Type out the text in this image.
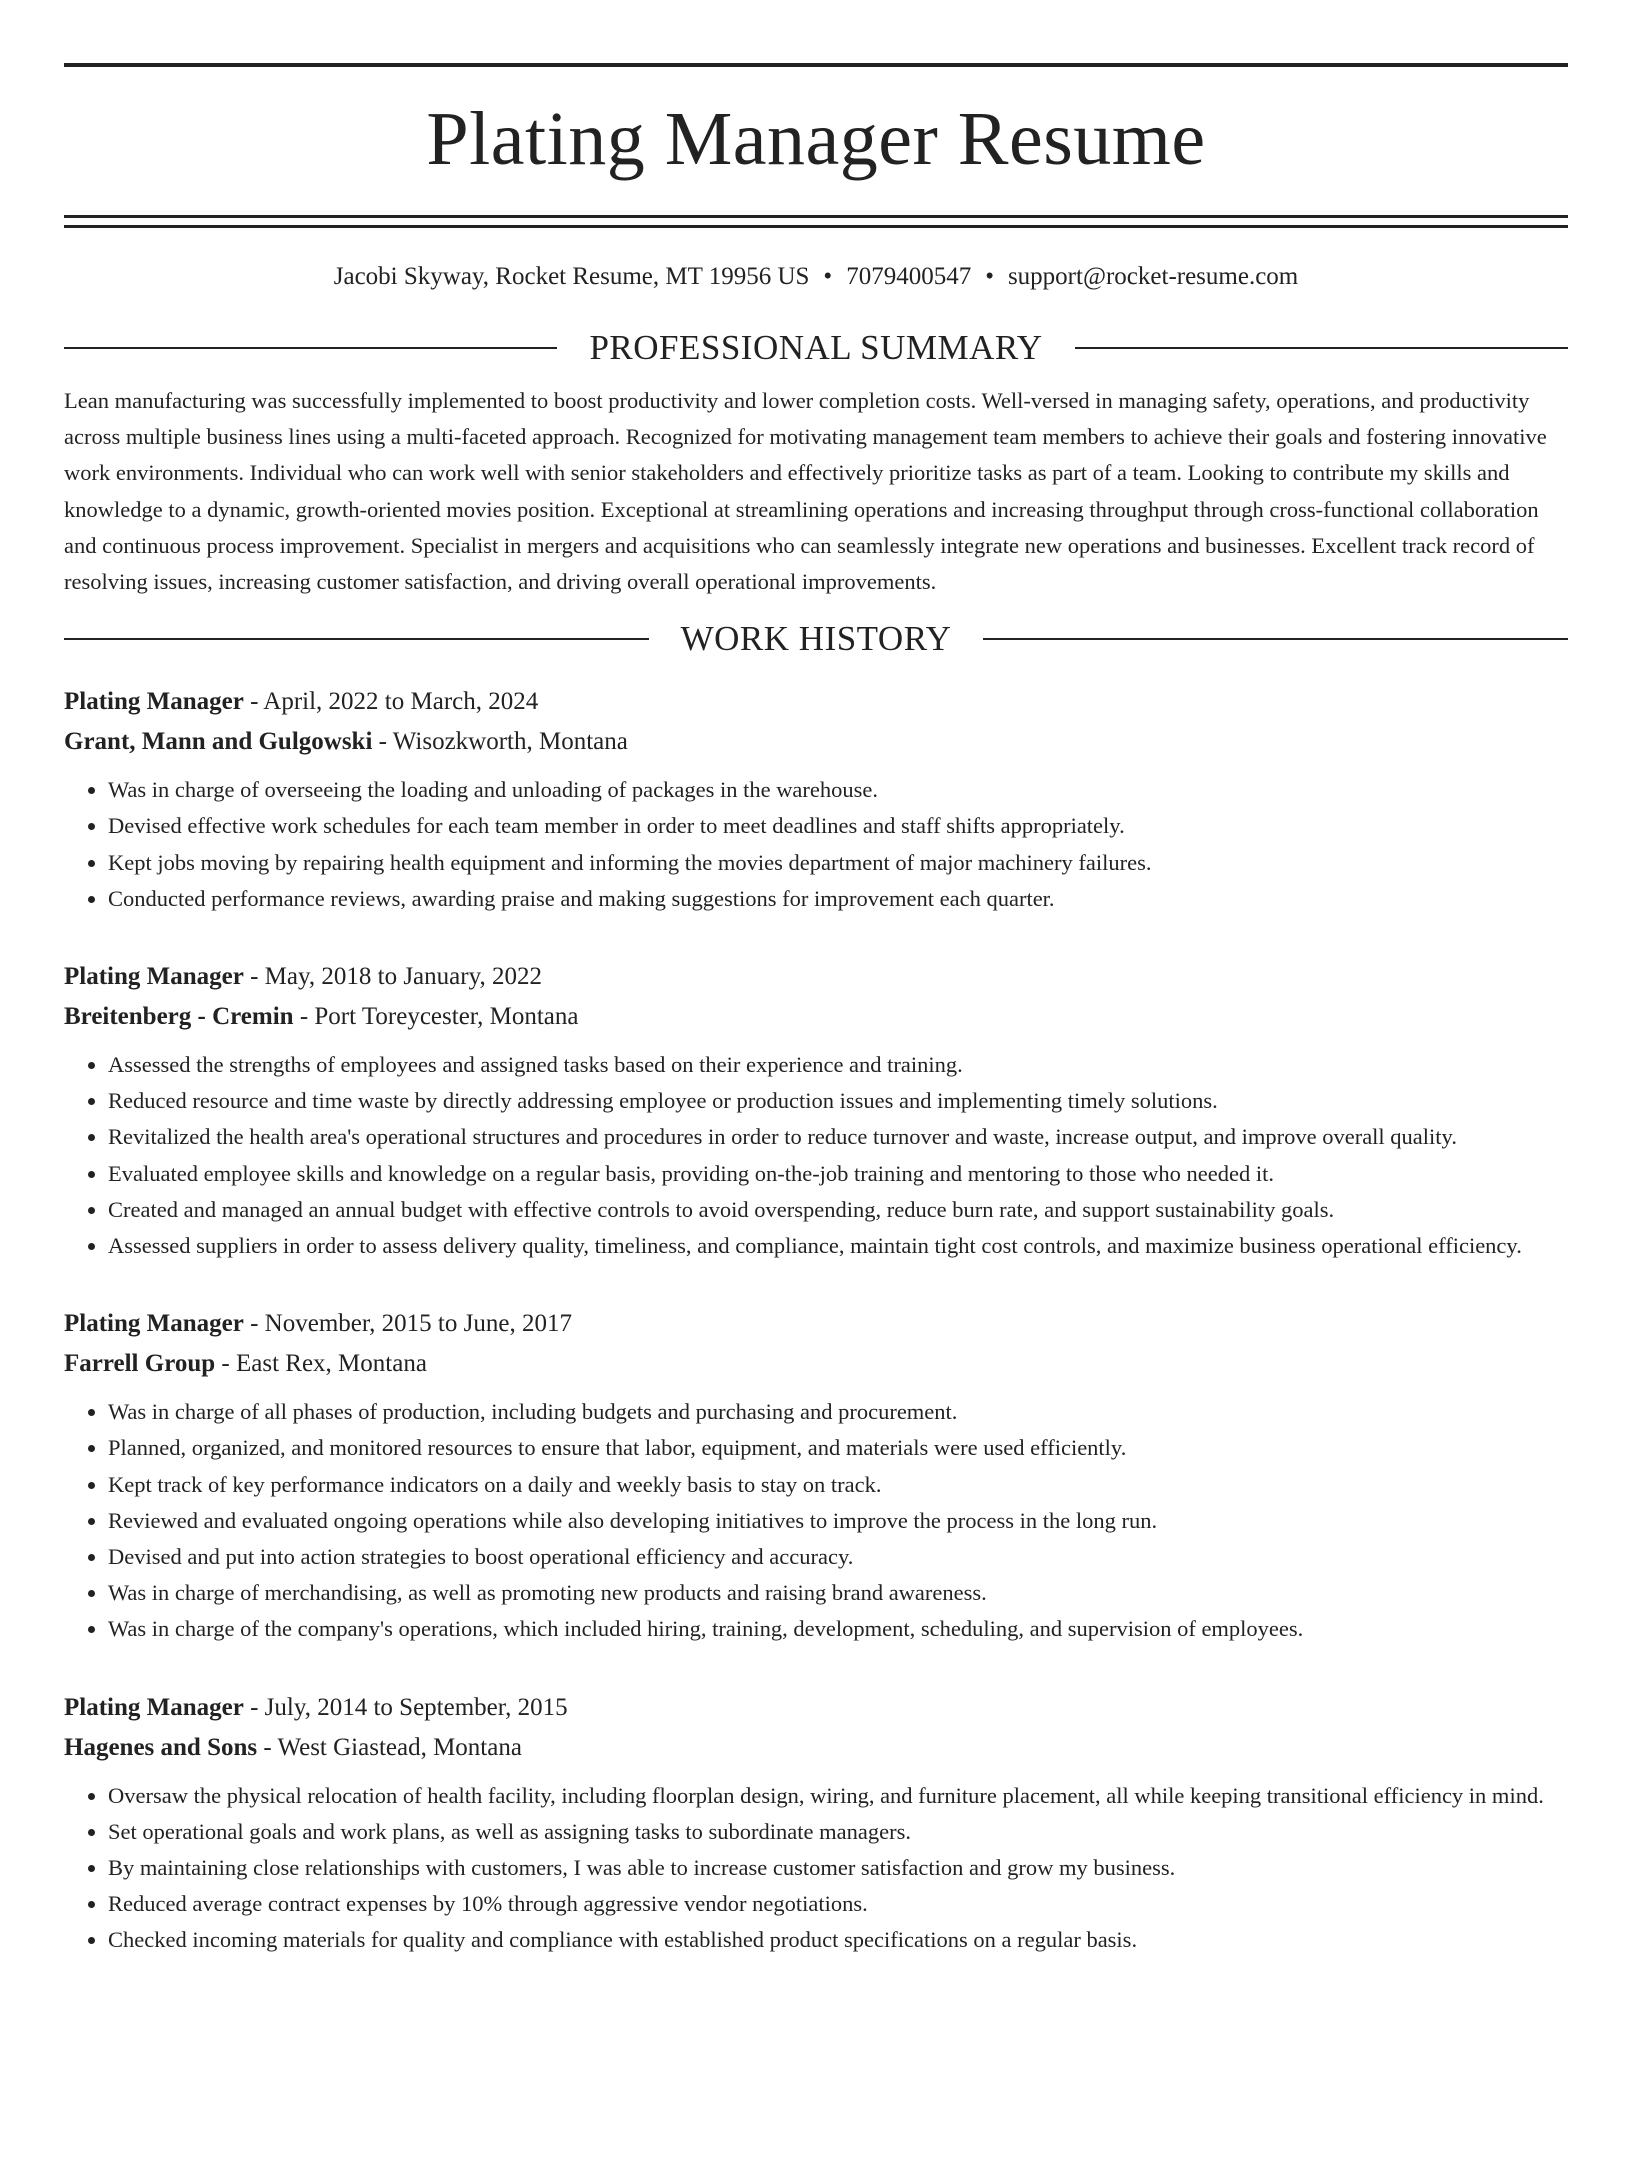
Plating Manager Resume
Jacobi Skyway, Rocket Resume, MT 19956 US • 7079400547 • support@rocket-resume.com
PROFESSIONAL SUMMARY

Lean manufacturing was successfully implemented to boost productivity and lower completion costs. Well-versed in managing safety, operations, and productivity across multiple business lines using a multi-faceted approach. Recognized for motivating management team members to achieve their goals and fostering innovative work environments. Individual who can work well with senior stakeholders and effectively prioritize tasks as part of a team. Looking to contribute my skills and knowledge to a dynamic, growth-oriented movies position. Exceptional at streamlining operations and increasing throughput through cross-functional collaboration and continuous process improvement. Specialist in mergers and acquisitions who can seamlessly integrate new operations and businesses. Excellent track record of resolving issues, increasing customer satisfaction, and driving overall operational improvements.

WORK HISTORY
Plating Manager - April, 2022 to March, 2024
Grant, Mann and Gulgowski - Wisozkworth, Montana
• Was in charge of overseeing the loading and unloading of packages in the warehouse.
• Devised effective work schedules for each team member in order to meet deadlines and staff shifts appropriately.
• Kept jobs moving by repairing health equipment and informing the movies department of major machinery failures.
• Conducted performance reviews, awarding praise and making suggestions for improvement each quarter.
Plating Manager - May, 2018 to January, 2022
Breitenberg - Cremin - Port Toreycester, Montana
• Assessed the strengths of employees and assigned tasks based on their experience and training.
• Reduced resource and time waste by directly addressing employee or production issues and implementing timely solutions.
• Revitalized the health area's operational structures and procedures in order to reduce turnover and waste, increase output, and improve overall quality.
• Evaluated employee skills and knowledge on a regular basis, providing on-the-job training and mentoring to those who needed it.
• Created and managed an annual budget with effective controls to avoid overspending, reduce burn rate, and support sustainability goals.
• Assessed suppliers in order to assess delivery quality, timeliness, and compliance, maintain tight cost controls, and maximize business operational efficiency.
Plating Manager - November, 2015 to June, 2017
Farrell Group - East Rex, Montana
• Was in charge of all phases of production, including budgets and purchasing and procurement.
• Planned, organized, and monitored resources to ensure that labor, equipment, and materials were used efficiently.
• Kept track of key performance indicators on a daily and weekly basis to stay on track.
• Reviewed and evaluated ongoing operations while also developing initiatives to improve the process in the long run.
• Devised and put into action strategies to boost operational efficiency and accuracy.
• Was in charge of merchandising, as well as promoting new products and raising brand awareness.
• Was in charge of the company's operations, which included hiring, training, development, scheduling, and supervision of employees.
Plating Manager - July, 2014 to September, 2015
Hagenes and Sons - West Giastead, Montana
• Oversaw the physical relocation of health facility, including floorplan design, wiring, and furniture placement, all while keeping transitional efficiency in mind.
• Set operational goals and work plans, as well as assigning tasks to subordinate managers.
• By maintaining close relationships with customers, I was able to increase customer satisfaction and grow my business.
• Reduced average contract expenses by 10% through aggressive vendor negotiations.
• Checked incoming materials for quality and compliance with established product specifications on a regular basis.
